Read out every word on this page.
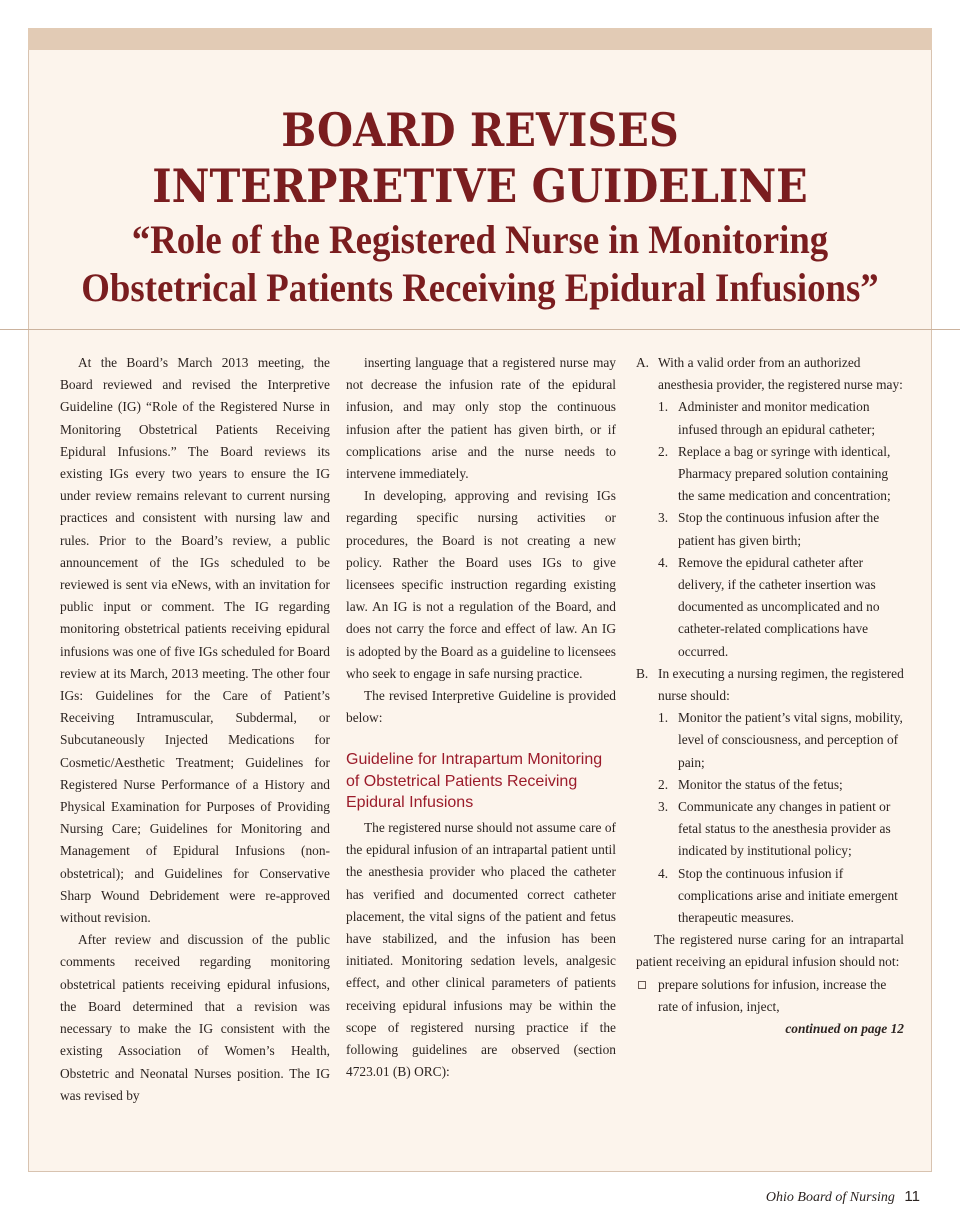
BOARD REVISES
INTERPRETIVE GUIDELINE
“Role of the Registered Nurse in Monitoring
Obstetrical Patients Receiving Epidural Infusions”

At the Board’s March 2013 meeting, the Board reviewed and revised the Interpretive Guideline (IG) “Role of the Registered Nurse in Monitoring Obstetrical Patients Receiving Epidural Infusions.” The Board reviews its existing IGs every two years to ensure the IG under review remains relevant to current nursing practices and consistent with nursing law and rules. Prior to the Board’s review, a public announcement of the IGs scheduled to be reviewed is sent via eNews, with an invitation for public input or comment. The IG regarding monitoring obstetrical patients receiving epidural infusions was one of five IGs scheduled for Board review at its March, 2013 meeting. The other four IGs: Guidelines for the Care of Patient’s Receiving Intramuscular, Subdermal, or Subcutaneously Injected Medications for Cosmetic/Aesthetic Treatment; Guidelines for Registered Nurse Performance of a History and Physical Examination for Purposes of Providing Nursing Care; Guidelines for Monitoring and Management of Epidural Infusions (non-obstetrical); and Guidelines for Conservative Sharp Wound Debridement were re-approved without revision.

After review and discussion of the public comments received regarding monitoring obstetrical patients receiving epidural infusions, the Board determined that a revision was necessary to make the IG consistent with the existing Association of Women’s Health, Obstetric and Neonatal Nurses position. The IG was revised by

inserting language that a registered nurse may not decrease the infusion rate of the epidural infusion, and may only stop the continuous infusion after the patient has given birth, or if complications arise and the nurse needs to intervene immediately.

In developing, approving and revising IGs regarding specific nursing activities or procedures, the Board is not creating a new policy. Rather the Board uses IGs to give licensees specific instruction regarding existing law. An IG is not a regulation of the Board, and does not carry the force and effect of law. An IG is adopted by the Board as a guideline to licensees who seek to engage in safe nursing practice.

The revised Interpretive Guideline is provided below:

Guideline for Intrapartum Monitoring of Obstetrical Patients Receiving Epidural Infusions

The registered nurse should not assume care of the epidural infusion of an intrapartal patient until the anesthesia provider who placed the catheter has verified and documented correct catheter placement, the vital signs of the patient and fetus have stabilized, and the infusion has been initiated. Monitoring sedation levels, analgesic effect, and other clinical parameters of patients receiving epidural infusions may be within the scope of registered nursing practice if the following guidelines are observed (section 4723.01 (B) ORC):

A. With a valid order from an authorized anesthesia provider, the registered nurse may:
1. Administer and monitor medication infused through an epidural catheter;
2. Replace a bag or syringe with identical, Pharmacy prepared solution containing the same medication and concentration;
3. Stop the continuous infusion after the patient has given birth;
4. Remove the epidural catheter after delivery, if the catheter insertion was documented as uncomplicated and no catheter-related complications have occurred.
B. In executing a nursing regimen, the registered nurse should:
1. Monitor the patient’s vital signs, mobility, level of consciousness, and perception of pain;
2. Monitor the status of the fetus;
3. Communicate any changes in patient or fetal status to the anesthesia provider as indicated by institutional policy;
4. Stop the continuous infusion if complications arise and initiate emergent therapeutic measures.

The registered nurse caring for an intrapartal patient receiving an epidural infusion should not:

prepare solutions for infusion, increase the rate of infusion, inject,
continued on page 12
Ohio Board of Nursing 11
